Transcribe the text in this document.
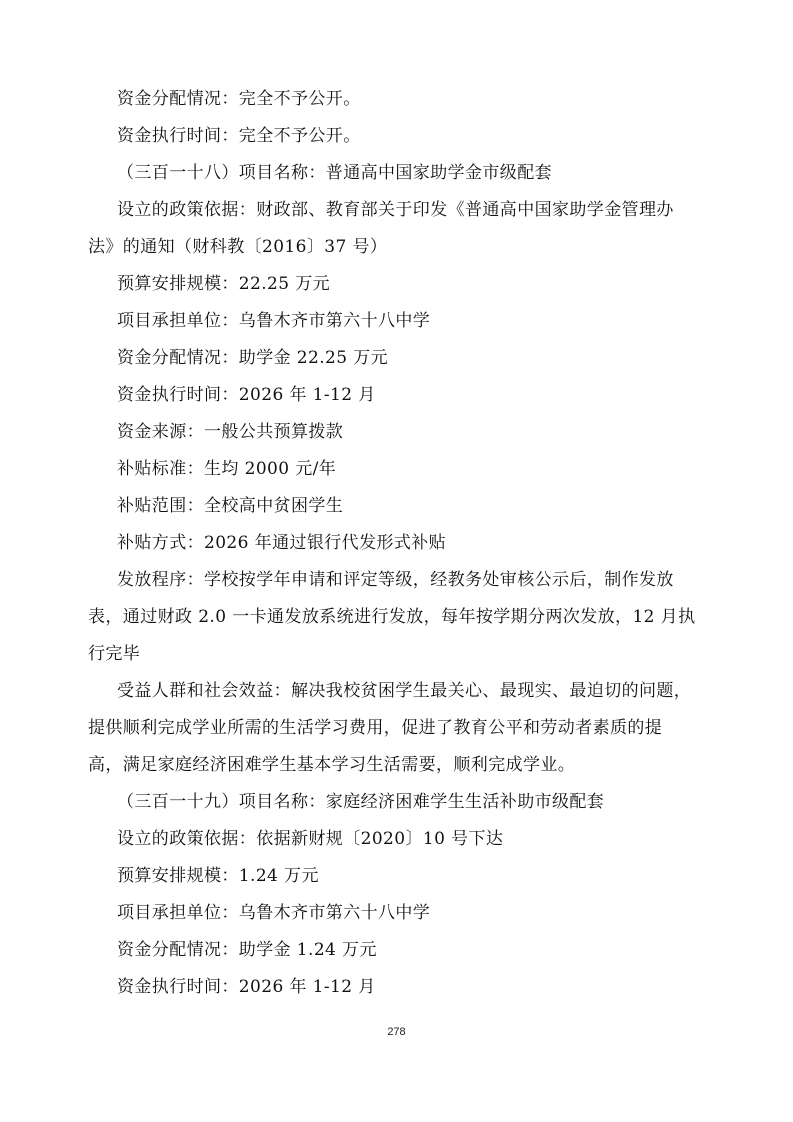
资金分配情况：完全不予公开。
资金执行时间：完全不予公开。
（三百一十八）项目名称：普通高中国家助学金市级配套
设立的政策依据：财政部、教育部关于印发《普通高中国家助学金管理办
法》的通知（财科教〔2016〕37 号）
预算安排规模：22.25 万元
项目承担单位：乌鲁木齐市第六十八中学
资金分配情况：助学金 22.25 万元
资金执行时间：2026 年 1-12 月
资金来源：一般公共预算拨款
补贴标准：生均 2000 元/年
补贴范围：全校高中贫困学生
补贴方式：2026 年通过银行代发形式补贴
发放程序：学校按学年申请和评定等级，经教务处审核公示后，制作发放
表，通过财政 2.0 一卡通发放系统进行发放，每年按学期分两次发放，12 月执
行完毕
受益人群和社会效益：解决我校贫困学生最关心、最现实、最迫切的问题，
提供顺利完成学业所需的生活学习费用，促进了教育公平和劳动者素质的提
高，满足家庭经济困难学生基本学习生活需要，顺利完成学业。
（三百一十九）项目名称：家庭经济困难学生生活补助市级配套
设立的政策依据：依据新财规〔2020〕10 号下达
预算安排规模：1.24 万元
项目承担单位：乌鲁木齐市第六十八中学
资金分配情况：助学金 1.24 万元
资金执行时间：2026 年 1-12 月
278
